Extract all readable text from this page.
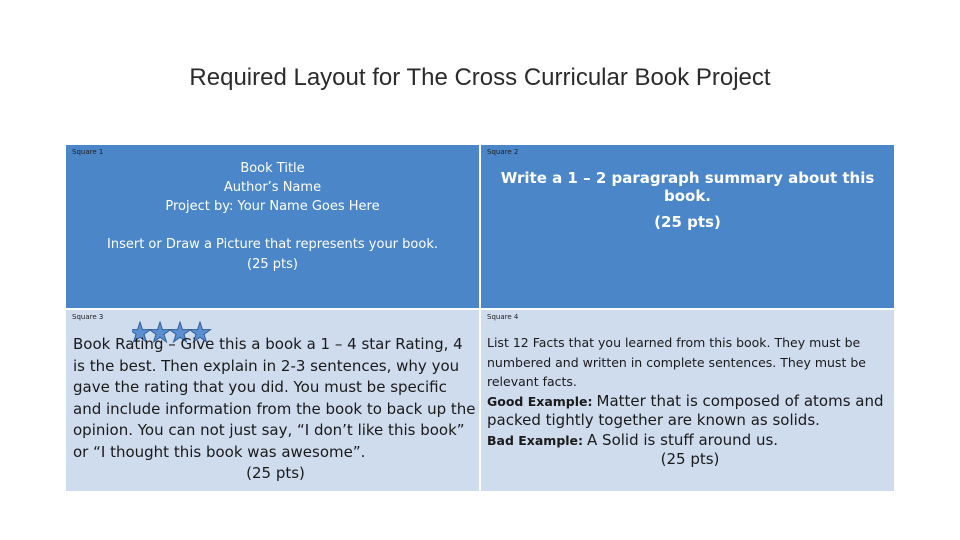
Required Layout for The Cross Curricular Book Project
Square 1
Book Title
Author’s Name
Project by: Your Name Goes Here
Insert or Draw a Picture that represents your book.
(25 pts)
Square 2
Write a 1 – 2 paragraph summary about this book.
(25 pts)
Square 3	Square 4
Book Rating – Give this a book a 1 – 4 star Rating, 4 is the best. Then explain in 2-3 sentences, why you gave the rating that you did. You must be specific and include information from the book to back up the opinion. You can not just say, “I don’t like this book” or “I thought this book was awesome”.
(25 pts)
List 12 Facts that you learned from this book. They must be numbered and written in complete sentences. They must be relevant facts.
Good Example: Matter that is composed of atoms and packed tightly together are known as solids.
Bad Example: A Solid is stuff around us.
(25 pts)
